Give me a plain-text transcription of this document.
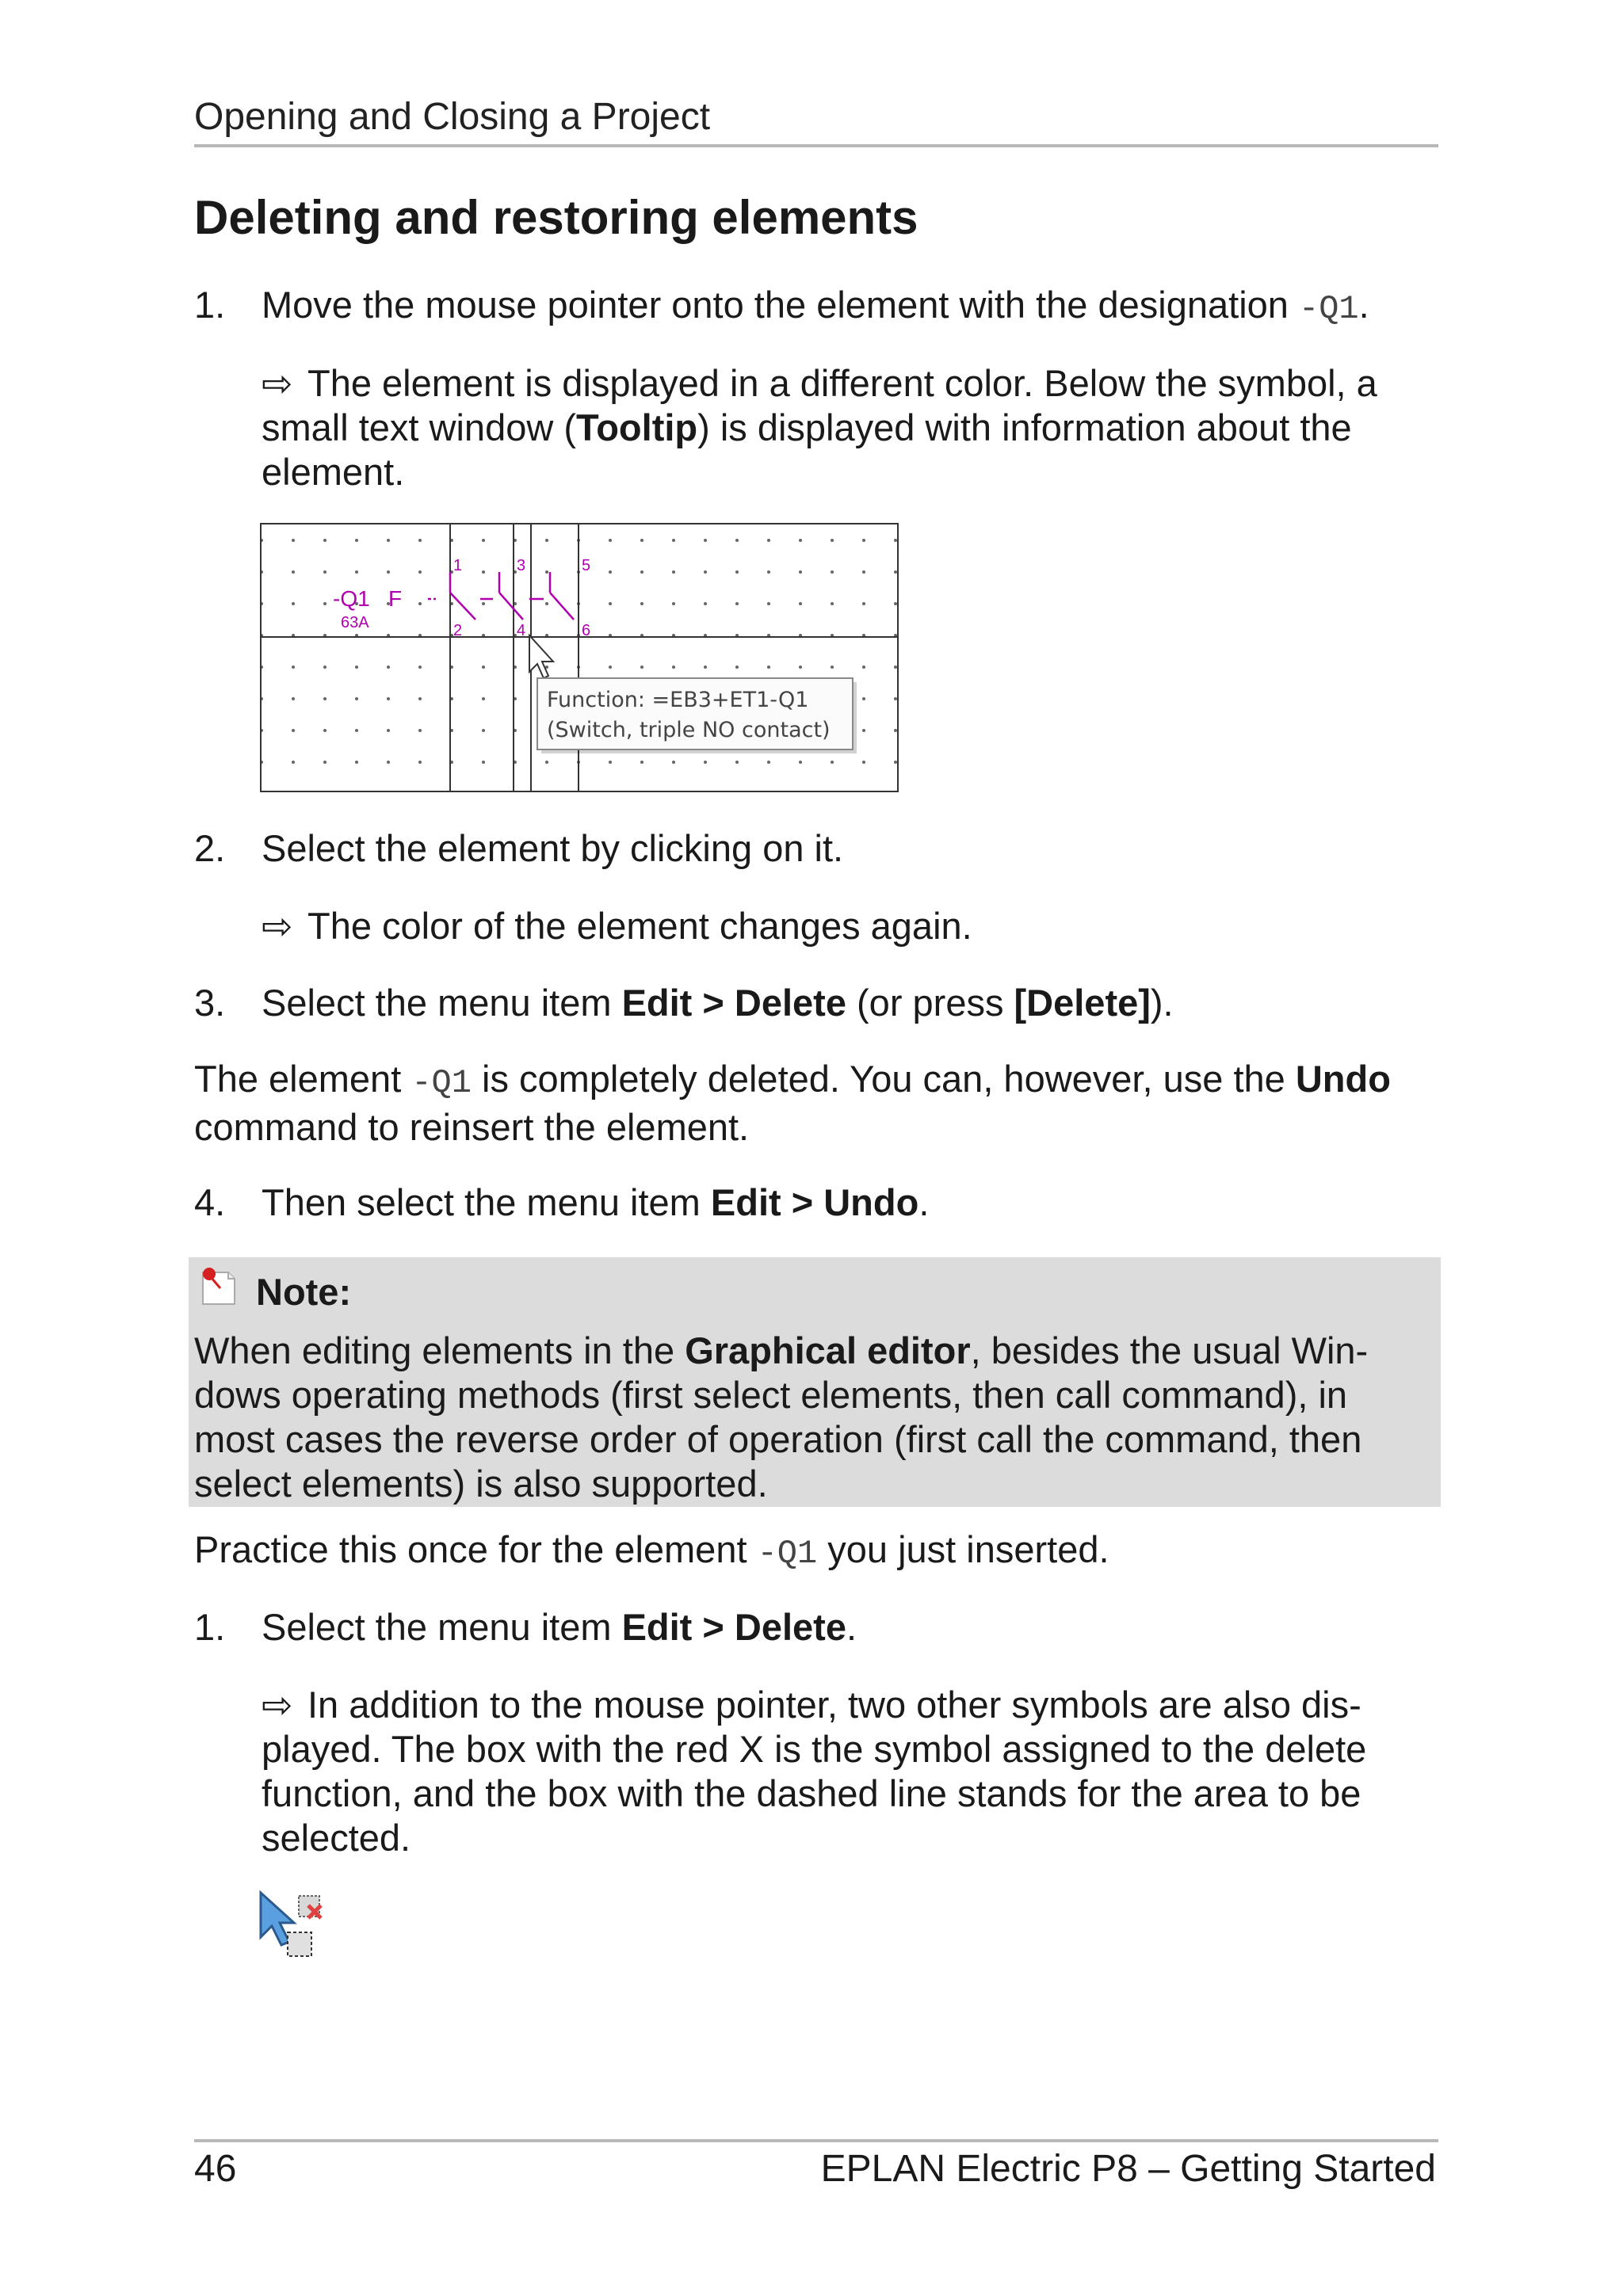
Opening and Closing a Project
Deleting and restoring elements
1. Move the mouse pointer onto the element with the designation -Q1.
⇨ The element is displayed in a different color. Below the symbol, a
small text window (Tooltip) is displayed with information about the
element.
-Q1 F
63A
1	3	5
2	4	6
Function: =EB3+ET1-Q1
(Switch, triple NO contact)
2. Select the element by clicking on it.
⇨ The color of the element changes again.
3. Select the menu item Edit > Delete (or press [Delete]).
The element -Q1 is completely deleted. You can, however, use the Undo
command to reinsert the element.
4. Then select the menu item Edit > Undo.
Note:
When editing elements in the Graphical editor, besides the usual Win-
dows operating methods (first select elements, then call command), in
most cases the reverse order of operation (first call the command, then
select elements) is also supported.
Practice this once for the element -Q1 you just inserted.
1. Select the menu item Edit > Delete.
⇨ In addition to the mouse pointer, two other symbols are also dis-
played. The box with the red X is the symbol assigned to the delete
function, and the box with the dashed line stands for the area to be
selected.
46	EPLAN Electric P8 – Getting Started
